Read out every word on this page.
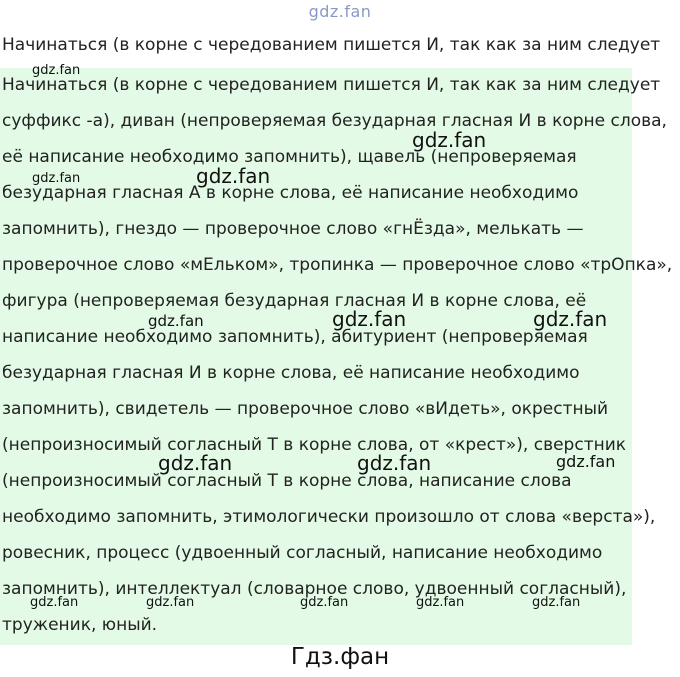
gdz.fan
Начинаться (в корне с чередованием пишется И, так как за ним следует
Начинаться (в корне с чередованием пишется И, так как за ним следует
суффикс -а), диван (непроверяемая безударная гласная И в корне слова,
её написание необходимо запомнить), щавель (непроверяемая
безударная гласная А в корне слова, её написание необходимо
запомнить), гнездо — проверочное слово «гнЁзда», мелькать —
проверочное слово «мЕльком», тропинка — проверочное слово «трОпка»,
фигура (непроверяемая безударная гласная И в корне слова, её
написание необходимо запомнить), абитуриент (непроверяемая
безударная гласная И в корне слова, её написание необходимо
запомнить), свидетель — проверочное слово «вИдеть», окрестный
(непроизносимый согласный Т в корне слова, от «крест»), сверстник
(непроизносимый согласный Т в корне слова, написание слова
необходимо запомнить, этимологически произошло от слова «верста»),
ровесник, процесс (удвоенный согласный, написание необходимо
запомнить), интеллектуал (словарное слово, удвоенный согласный),
труженик, юный.
gdz.fan
gdz.fan
gdz.fan	gdz.fan
gdz.fan	gdz.fan	gdz.fan
gdz.fan	gdz.fan	gdz.fan
gdz.fan	gdz.fan	gdz.fan	gdz.fan	gdz.fan
Гдз.фан
